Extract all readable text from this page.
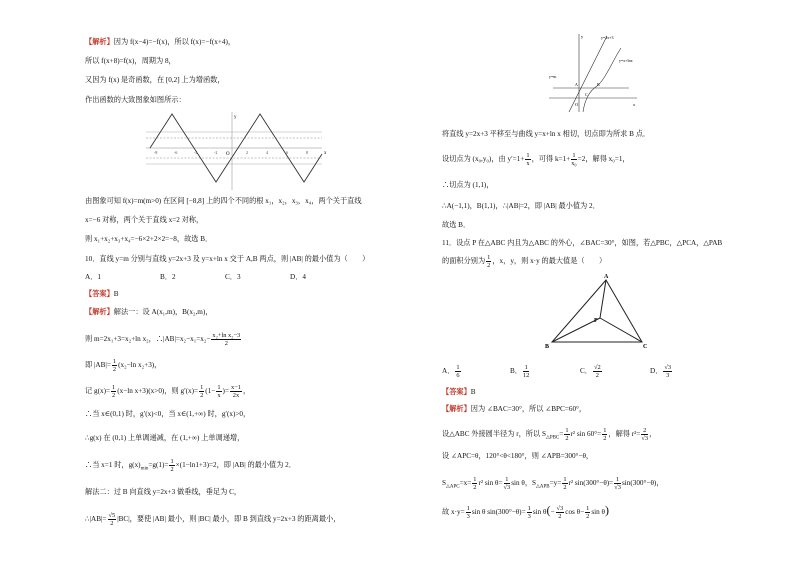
【解析】因为 f(x−4)=−f(x)，所以 f(x)=−f(x+4)，
所以 f(x+8)=f(x)，周期为 8，
又因为 f(x) 是奇函数，在 [0,2] 上为增函数，
作出函数的大致图象如图所示：
y
x
O
-8	-6	-4	-2	2	4	6	8
由图象可知 f(x)=m(m>0) 在区间 [−8,8] 上的四个不同的根 x₁，x₂，x₃，x₄，两个关于直线
x=−6 对称，两个关于直线 x=2 对称，
则 x₁+x₂+x₃+x₄=−6×2+2×2=−8，故选 B．
10．直线 y=m 分别与直线 y=2x+3 及 y=x+ln x 交于 A,B 两点，则 |AB| 的最小值为（　　）
A．1	B．2	C．3	D．4
【答案】B
【解析】解法一：设 A(x₁,m)，B(x₂,m)，
则 m=2x₁+3=x₂+ln x₂，∴|AB|=x₂−x₁=x₂− $\frac{\text{x₂+ln x₂−3}}{2}$
即 $|AB|= \frac{1}{2} (x_2-\ln$ x₂+3)，
记 $g(x)= \frac{1}{2} (x-\ln$ x+3)(x>0)，则 $g'(x)= \frac{1}{2} (1- \frac{1}{x}$ )= $\frac{x-1}{2x}$ ，
∴当 x∈(0,1) 时，g′(x)<0，当 x∈(1,+∞) 时，g′(x)>0，
∴g(x) 在 (0,1) 上单调递减，在 (1,+∞) 上单调递增，
∴当 x=1 时，$g(x)_{min}=g(1)= \frac{1}{2} \times(1-\ln 1+3)=2$，即 |AB| 的最小值为 2．
解法二：过 B 向直线 y=2x+3 做垂线，垂足为 C，
∴|AB|= $\frac{√5}{2} |BC|$，要使 |AB| 最小，则 |BC| 最小，即 B 到直线 y=2x+3 的距离最小，
y
x
O
y=2x+3
y=x+lnx
y=m
A	B
C
将直线 y=2x+3 平移至与曲线 y=x+ln x 相切，切点即为所求 B 点．
设切点为 (x₀,y₀)，由 $y'=1+ \frac{1}{x}$ ，可得 $k=1+ \frac{1}{\text{x₀}} =2$，解得 x₀=1，
∴切点为 (1,1)，
∴A(−1,1)，B(1,1)，∴|AB|=2，即 |AB| 最小值为 2．
故选 B．
11．设点 P 在△ABC 内且为△ABC 的外心，∠BAC=30°，如图，若△PBC，△PCA，△PAB
的面积分别为 $\frac{1}{2}$ ，x，y，则 x·y 的最大值是（　　）
A
B	C
P
A． $\frac{1}{6}$	B． $\frac{1}{12}$	C． $\frac{√2}{2}$	D． $\frac{√3}{3}$
【答案】B
【解析】因为 ∠BAC=30°，所以 ∠BPC=60°，
设△ABC 外接圆半径为 r，所以 $S_{\triangle PBC}= \frac{1}{2} r^2$ $\sin 60^\circ= \frac{1}{2}$ ，解得 $r^2= \frac{2}{√3}$ ，
设 ∠APC=θ，120°<θ<180°，则 ∠APB=300°−θ，
$S_{\triangle APC}=x= \frac{1}{2} r^2$ $\sin \theta= \frac{1}{√3}$ sin θ，$S_{\triangle APB}=y= \frac{1}{2} r^2$ $\sin(300^\circ-\theta)= \frac{1}{√3} \sin(300^\circ-\theta)$，
故 $x\cdot y= \frac{1}{3}$ sin θ $\sin(300^\circ-\theta)= \frac{1}{3}$ $\sin \theta(- \frac{√3}{2}$ $\cos \theta- \frac{1}{2}$ sin θ)
